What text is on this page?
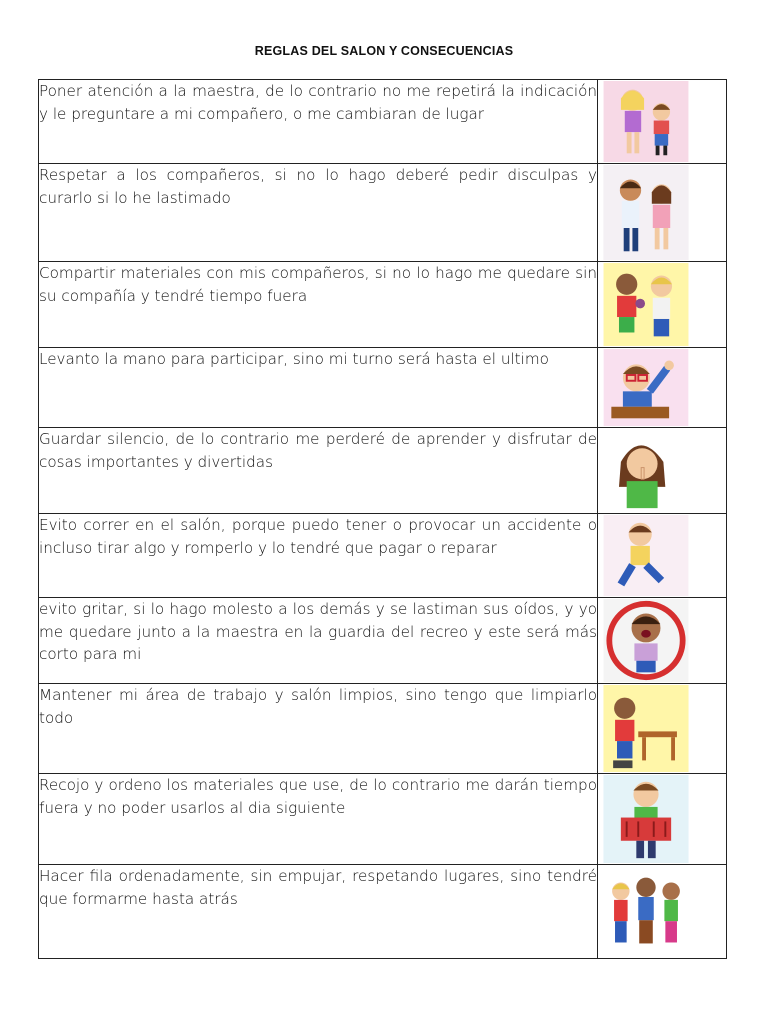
REGLAS DEL SALON Y CONSECUENCIAS
Poner atención a la maestra, de lo contrario no me repetirá la indicación y le preguntare a mi compañero, o me cambiaran de lugar	

Respetar a los compañeros, si no lo hago deberé pedir disculpas y curarlo si lo he lastimado	

Compartir materiales con mis compañeros, si no lo hago me quedare sin su compañía y tendré tiempo fuera	

Levanto la mano para participar, sino mi turno será hasta el ultimo	

Guardar silencio, de lo contrario me perderé de aprender y disfrutar de cosas importantes y divertidas	

Evito correr en el salón, porque puedo tener o provocar un accidente o incluso tirar algo y romperlo y lo tendré que pagar o reparar	

evito gritar, si lo hago molesto a los demás y se lastiman sus oídos, y yo me quedare junto a la maestra en la guardia del recreo y este será más corto para mi	

Mantener mi área de trabajo y salón limpios, sino tengo que limpiarlo todo	

Recojo y ordeno los materiales que use, de lo contrario me darán tiempo fuera y no poder usarlos al dia siguiente	

Hacer fila ordenadamente, sin empujar, respetando lugares, sino tendré que formarme hasta atrás	
